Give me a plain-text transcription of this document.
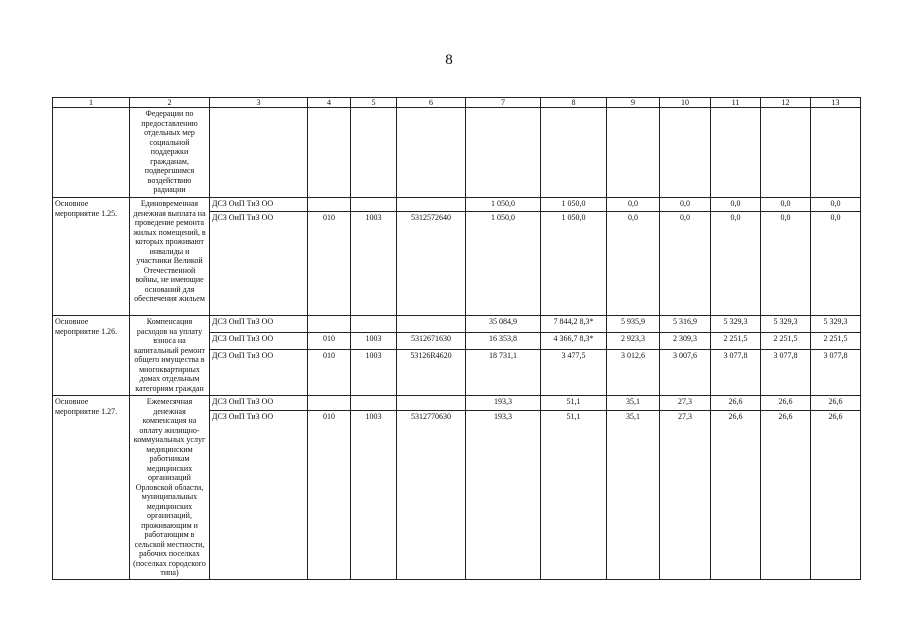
8
1	2	3	4	5	6	7	8	9	10	11	12	13
	Федерации по предоставлению отдельных мер социальной поддержки гражданам, подвергшимся воздействию радиации											
Основное мероприятие 1.25.	Единовременная денежная выплата на проведение ремонта жилых помещений, в которых проживают инвалиды и участники Великой Отечественной войны, не имеющие оснований для обеспечения жильем	ДСЗ ОиП ТиЗ ОО				1 050,0	1 050,0	0,0	0,0	0,0	0,0	0,0
		ДСЗ ОиП ТиЗ ОО	010	1003	5312572640	1 050,0	1 050,0	0,0	0,0	0,0	0,0	0,0
Основное мероприятие 1.26.	Компенсация расходов на уплату взноса на капитальный ремонт общего имущества в многоквартирных домах отдельным категориям граждан	ДСЗ ОиП ТиЗ ОО				35 084,9	7 844,2 8,3*	5 935,9	5 316,9	5 329,3	5 329,3	5 329,3
		ДСЗ ОиП ТиЗ ОО	010	1003	5312671630	16 353,8	4 366,7 8,3*	2 923,3	2 309,3	2 251,5	2 251,5	2 251,5
		ДСЗ ОиП ТиЗ ОО	010	1003	53126R4620	18 731,1	3 477,5	3 012,6	3 007,6	3 077,8	3 077,8	3 077,8
Основное мероприятие 1.27.	Ежемесячная денежная компенсация на оплату жилищно-коммунальных услуг медицинским работникам медицинских организаций Орловской области, муниципальных медицинских организаций, проживающим и работающим в сельской местности, рабочих поселках (поселках городского типа)	ДСЗ ОиП ТиЗ ОО				193,3	51,1	35,1	27,3	26,6	26,6	26,6
		ДСЗ ОиП ТиЗ ОО	010	1003	5312770630	193,3	51,1	35,1	27,3	26,6	26,6	26,6
